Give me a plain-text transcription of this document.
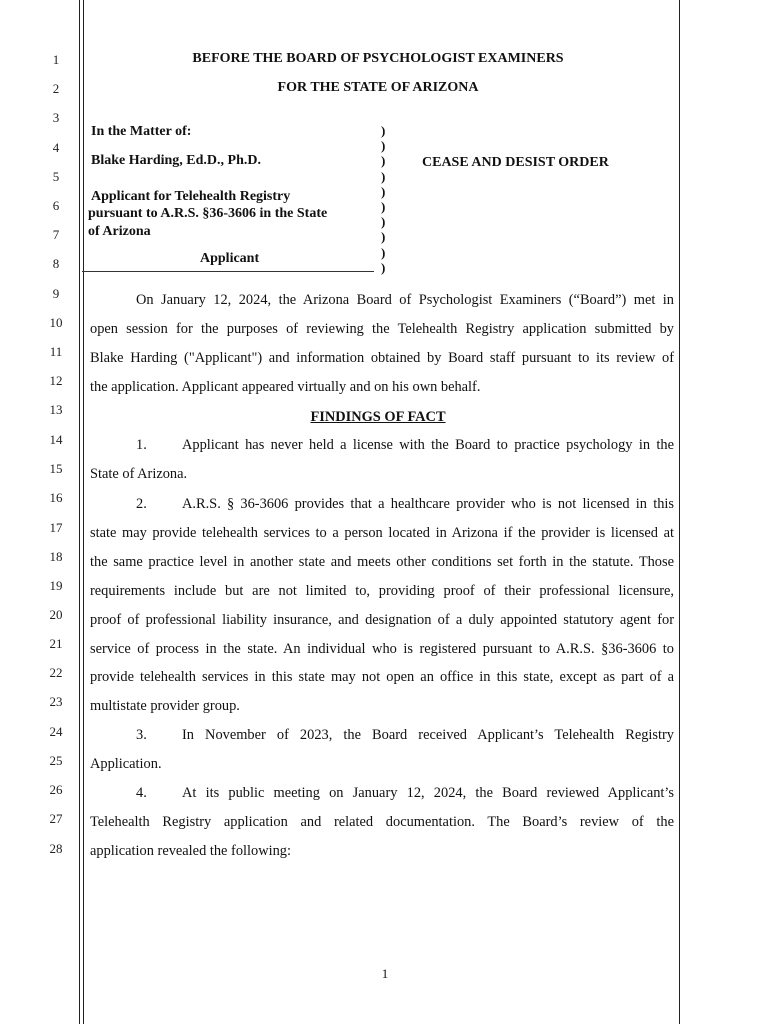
1
2
3
4
5
6
7
8
9
10
11
12
13
14
15
16
17
18
19
20
21
22
23
24
25
26
27
28
BEFORE THE BOARD OF PSYCHOLOGIST EXAMINERS
FOR THE STATE OF ARIZONA
In the Matter of:
Blake Harding, Ed.D., Ph.D.
Applicant for Telehealth Registry
pursuant to A.R.S. §36-3606 in the State
of Arizona
Applicant
)
)
)
)
)
)
)
)
)
)
CEASE AND DESIST ORDER
On January 12, 2024, the Arizona Board of Psychologist Examiners (“Board”) met in
open session for the purposes of reviewing the Telehealth Registry application submitted by
Blake Harding ("Applicant") and information obtained by Board staff pursuant to its review of
the application. Applicant appeared virtually and on his own behalf.
FINDINGS OF FACT
1. Applicant has never held a license with the Board to practice psychology in the
State of Arizona.
2. A.R.S. § 36-3606 provides that a healthcare provider who is not licensed in this
state may provide telehealth services to a person located in Arizona if the provider is licensed at
the same practice level in another state and meets other conditions set forth in the statute. Those
requirements include but are not limited to, providing proof of their professional licensure,
proof of professional liability insurance, and designation of a duly appointed statutory agent for
service of process in the state. An individual who is registered pursuant to A.R.S. §36-3606 to
provide telehealth services in this state may not open an office in this state, except as part of a
multistate provider group.
3. In November of 2023, the Board received Applicant’s Telehealth Registry
Application.
4. At its public meeting on January 12, 2024, the Board reviewed Applicant’s
Telehealth Registry application and related documentation. The Board’s review of the
application revealed the following:
1
